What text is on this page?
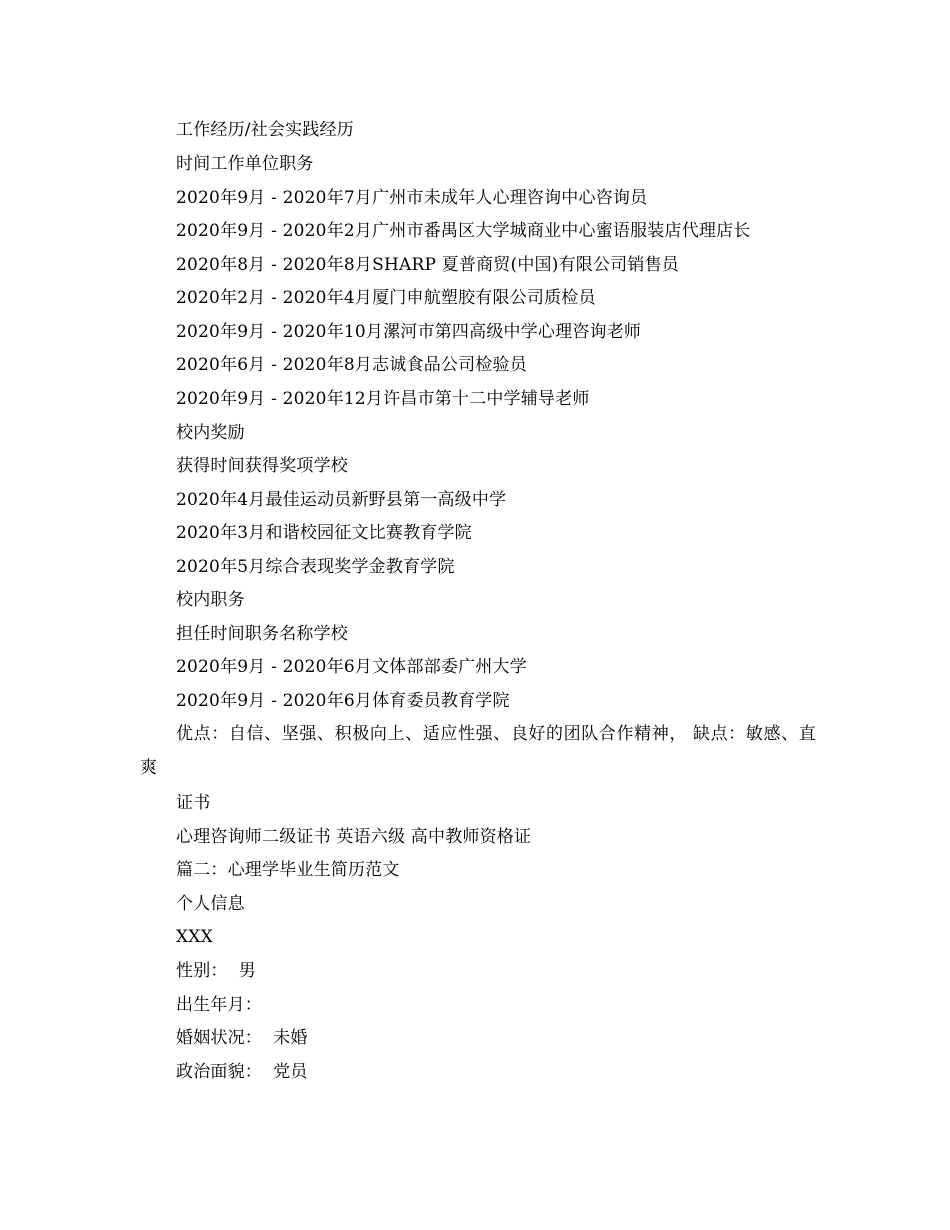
工作经历/社会实践经历
时间工作单位职务
2020年9月 - 2020年7月广州市未成年人心理咨询中心咨询员
2020年9月 - 2020年2月广州市番禺区大学城商业中心蜜语服装店代理店长
2020年8月 - 2020年8月SHARP 夏普商贸(中国)有限公司销售员
2020年2月 - 2020年4月厦门申航塑胶有限公司质检员
2020年9月 - 2020年10月漯河市第四高级中学心理咨询老师
2020年6月 - 2020年8月志诚食品公司检验员
2020年9月 - 2020年12月许昌市第十二中学辅导老师
校内奖励
获得时间获得奖项学校
2020年4月最佳运动员新野县第一高级中学
2020年3月和谐校园征文比赛教育学院
2020年5月综合表现奖学金教育学院
校内职务
担任时间职务名称学校
2020年9月 - 2020年6月文体部部委广州大学
2020年9月 - 2020年6月体育委员教育学院
优点：自信、坚强、积极向上、适应性强、良好的团队合作精神， 缺点：敏感、直爽
证书
心理咨询师二级证书 英语六级 高中教师资格证
篇二：心理学毕业生简历范文
个人信息
XXX
性别：  男
出生年月：
婚姻状况：  未婚
政治面貌：  党员
